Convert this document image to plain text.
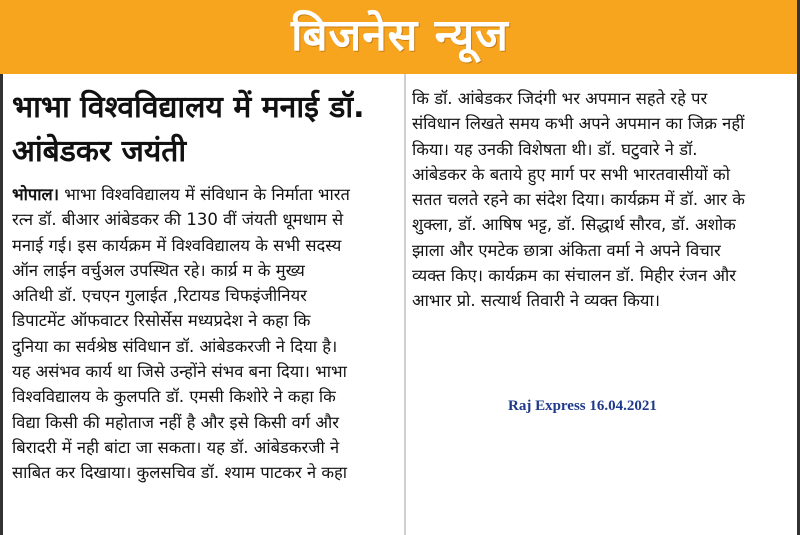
बिजनेस न्यूज
भाभा विश्वविद्यालय में मनाई डॉ.
आंबेडकर जयंती
भोपाल। भाभा विश्वविद्यालय में संविधान के निर्माता भारत
रत्न डॉ. बीआर आंबेडकर की 130 वीं जंयती धूमधाम से
मनाई गई। इस कार्यक्रम में विश्वविद्यालय के सभी सदस्य
ऑन लाईन वर्चुअल उपस्थित रहे। कार्य्र म के मुख्य
अतिथी डॉ. एचएन गुलाईत ,रिटायड चिफइंजीनियर
डिपाटमेंट ऑफवाटर रिसोर्सेस मध्यप्रदेश ने कहा कि
दुनिया का सर्वश्रेष्ठ संविधान डॉ. आंबेडकरजी ने दिया है।
यह असंभव कार्य था जिसे उन्होंने संभव बना दिया। भाभा
विश्वविद्यालय के कुलपति डॉ. एमसी किशोरे ने कहा कि
विद्या किसी की महोताज नहीं है और इसे किसी वर्ग और
बिरादरी में नही बांटा जा सकता। यह डॉ. आंबेडकरजी ने
साबित कर दिखाया। कुलसचिव डॉ. श्याम पाटकर ने कहा
कि डॉ. आंबेडकर जिदंगी भर अपमान सहते रहे पर
संविधान लिखते समय कभी अपने अपमान का जिक्र नहीं
किया। यह उनकी विशेषता थी। डॉ. घटुवारे ने डॉ.
आंबेडकर के बताये हुए मार्ग पर सभी भारतवासीयों को
सतत चलते रहने का संदेश दिया। कार्यक्रम में डॉ. आर के
शुक्ला, डॉ. आषिष भट्ट, डॉ. सिद्धार्थ सौरव, डॉ. अशोक
झाला और एमटेक छात्रा अंकिता वर्मा ने अपने विचार
व्यक्त किए। कार्यक्रम का संचालन डॉ. मिहीर रंजन और
आभार प्रो. सत्यार्थ तिवारी ने व्यक्त किया।
Raj Express 16.04.2021
